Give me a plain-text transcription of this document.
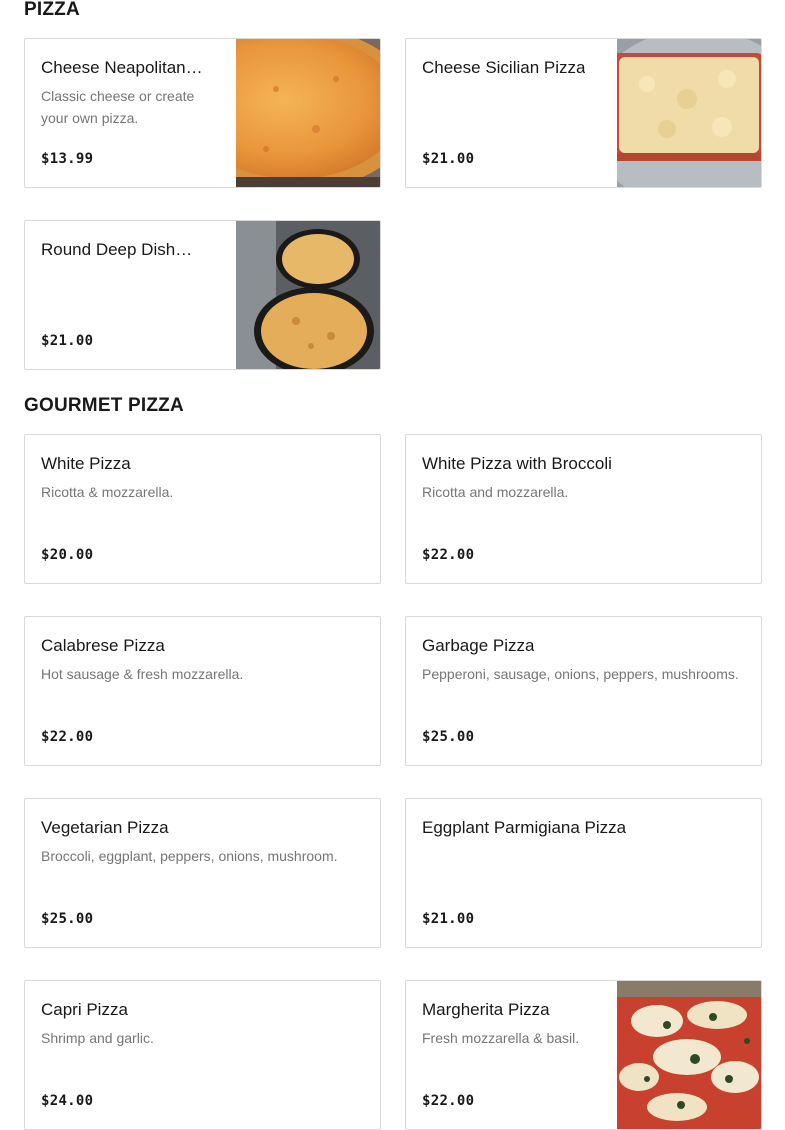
PIZZA
Cheese Neapolitan…
Classic cheese or create your own pizza.
$13.99
Cheese Sicilian Pizza
$21.00
Round Deep Dish…
$21.00
GOURMET PIZZA
White Pizza
Ricotta & mozzarella.
$20.00
White Pizza with Broccoli
Ricotta and mozzarella.
$22.00
Calabrese Pizza
Hot sausage & fresh mozzarella.
$22.00
Garbage Pizza
Pepperoni, sausage, onions, peppers, mushrooms.
$25.00
Vegetarian Pizza
Broccoli, eggplant, peppers, onions, mushroom.
$25.00
Eggplant Parmigiana Pizza
$21.00
Capri Pizza
Shrimp and garlic.
$24.00
Margherita Pizza
Fresh mozzarella & basil.
$22.00
